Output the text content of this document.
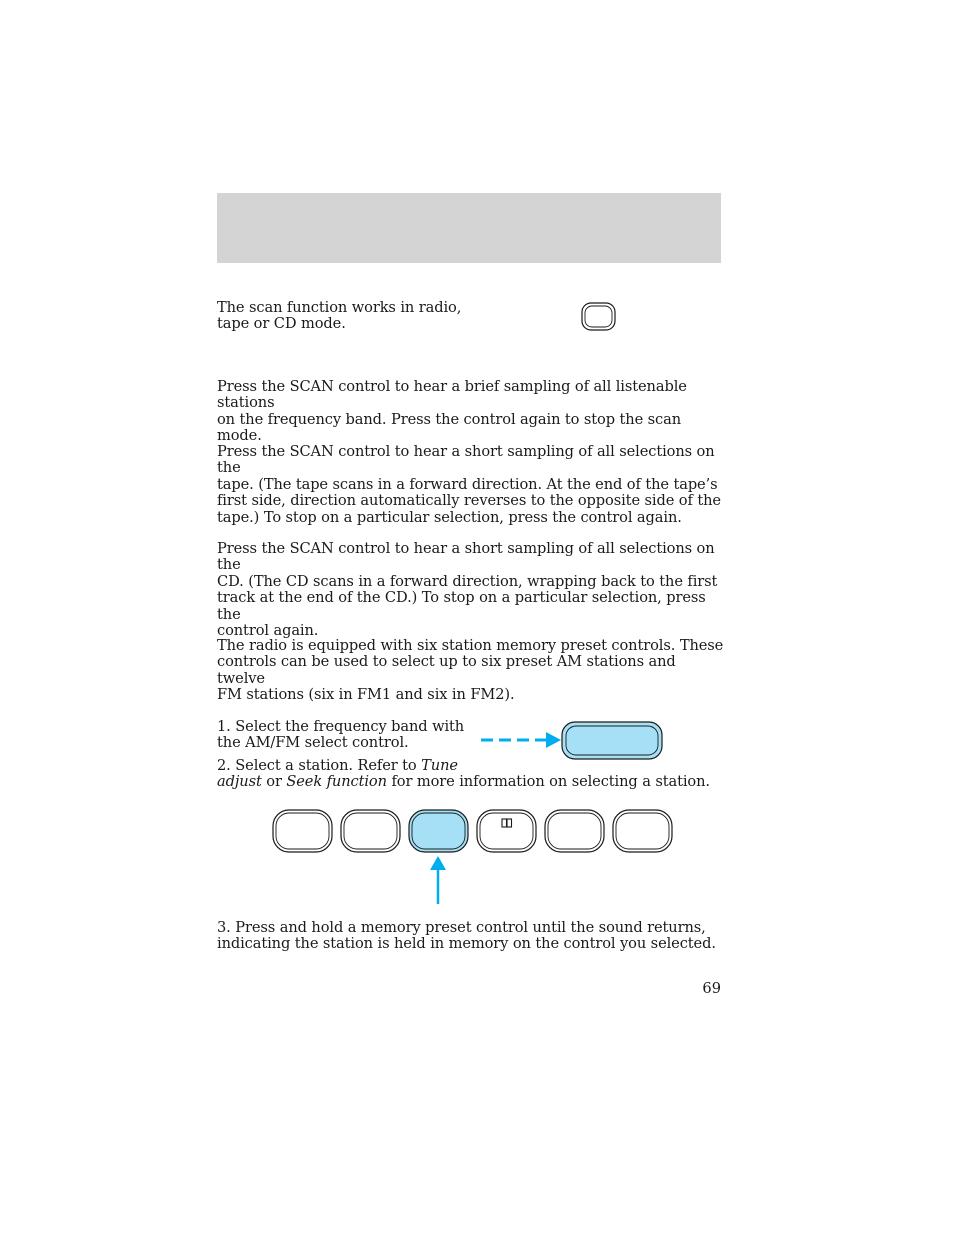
The scan function works in radio,
tape or CD mode.

Press the SCAN control to hear a brief sampling of all listenable stations
on the frequency band. Press the control again to stop the scan mode.

Press the SCAN control to hear a short sampling of all selections on the
tape. (The tape scans in a forward direction. At the end of the tape’s
first side, direction automatically reverses to the opposite side of the
tape.) To stop on a particular selection, press the control again.

Press the SCAN control to hear a short sampling of all selections on the
CD. (The CD scans in a forward direction, wrapping back to the first
track at the end of the CD.) To stop on a particular selection, press the
control again.

The radio is equipped with six station memory preset controls. These
controls can be used to select up to six preset AM stations and twelve
FM stations (six in FM1 and six in FM2).

1. Select the frequency band with
the AM/FM select control.

2. Select a station. Refer to Tune
adjust or Seek function for more information on selecting a station.

3. Press and hold a memory preset control until the sound returns,
indicating the station is held in memory on the control you selected.

69
